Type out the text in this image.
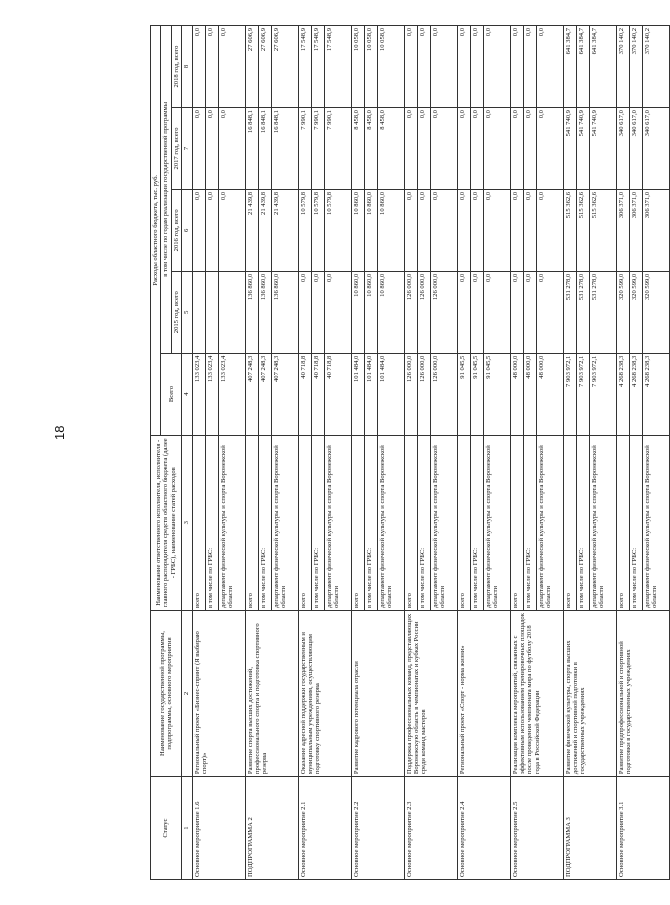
18
Статус	Наименование государственной программы, подпрограммы, основного мероприятия	Наименование ответственного исполнителя, исполнителя - главного распорядителя средств областного бюджета (далее - ГРБС), наименование статей расходов	Расходы областного бюджета, тыс. руб.				
			Всего	в том числе по годам реализации государственной программы			
				2015 год, всего	2016 год, всего	2017 год, всего	2018 год, всего
1	2	3	4	5	6	7	8
Основное мероприятие 1.6	Региональный проект «Бизнес-спринт (Я выбираю спорт)»	всего	133 023,4		0,0	0,0	0,0
		в том числе по ГРБС:	133 023,4		0,0	0,0	0,0
		департамент физической культуры и спорта Воронежской области	133 023,4		0,0	0,0	0,0
ПОДПРОГРАММА 2	Развитие спорта высших достижений, профессионального спорта и подготовка спортивного резерва	всего	407 248,3	136 860,0	21 439,8	16 848,1	27 606,9
		в том числе по ГРБС:	407 248,3	136 860,0	21 439,8	16 848,1	27 606,9
		департамент физической культуры и спорта Воронежской области	407 248,3	136 860,0	21 439,8	16 848,1	27 606,9
Основное мероприятие 2.1	Оказание адресной поддержки государственным и муниципальным учреждениям, осуществляющим подготовку спортивного резерва	всего	40 718,8	0,0	10 579,8	7 990,1	17 548,9
		в том числе по ГРБС:	40 718,8	0,0	10 579,8	7 990,1	17 548,9
		департамент физической культуры и спорта Воронежской области	40 718,8	0,0	10 579,8	7 990,1	17 548,9
Основное мероприятие 2.2	Развитие кадрового потенциала отрасли	всего	101 484,0	10 860,0	10 860,0	8 458,0	10 058,0
		в том числе по ГРБС:	101 484,0	10 860,0	10 860,0	8 458,0	10 058,0
		департамент физической культуры и спорта Воронежской области	101 484,0	10 860,0	10 860,0	8 458,0	10 058,0
Основное мероприятие 2.3	Поддержка профессиональных команд, представляющих Воронежскую область в чемпионатах и кубках России среди команд мастеров	всего	126 000,0	126 000,0	0,0	0,0	0,0
		в том числе по ГРБС:	126 000,0	126 000,0	0,0	0,0	0,0
		департамент физической культуры и спорта Воронежской области	126 000,0	126 000,0	0,0	0,0	0,0
Основное мероприятие 2.4	Региональный проект «Спорт - норма жизни»	всего	91 045,5	0,0	0,0	0,0	0,0
		в том числе по ГРБС:	91 045,5	0,0	0,0	0,0	0,0
		департамент физической культуры и спорта Воронежской области	91 045,5	0,0	0,0	0,0	0,0
Основное мероприятие 2.5	Реализация комплекса мероприятий, связанных с эффективным использованием тренировочных площадок после проведения чемпионата мира по футболу 2018 года в Российской Федерации	всего	48 000,0	0,0	0,0	0,0	0,0
		в том числе по ГРБС:	48 000,0	0,0	0,0	0,0	0,0
		департамент физической культуры и спорта Воронежской области	48 000,0	0,0	0,0	0,0	0,0
ПОДПРОГРАММА 3	Развитие физической культуры, спорта высших достижений и спортивной подготовки в государственных учреждениях	всего	7 903 972,1	531 278,0	515 362,6	541 740,9	641 384,7
		в том числе по ГРБС:	7 903 972,1	531 278,0	515 362,6	541 740,9	641 384,7
		департамент физической культуры и спорта Воронежской области	7 903 972,1	531 278,0	515 362,6	541 740,9	641 384,7
Основное мероприятие 3.1	Развитие предпрофессиональной и спортивной подготовки в государственных учреждениях	всего	4 268 238,3	320 599,0	306 371,0	340 617,0	370 140,2
		в том числе по ГРБС:	4 268 238,3	320 599,0	306 371,0	340 617,0	370 140,2
		департамент физической культуры и спорта Воронежской области	4 268 238,3	320 599,0	306 371,0	340 617,0	370 140,2
